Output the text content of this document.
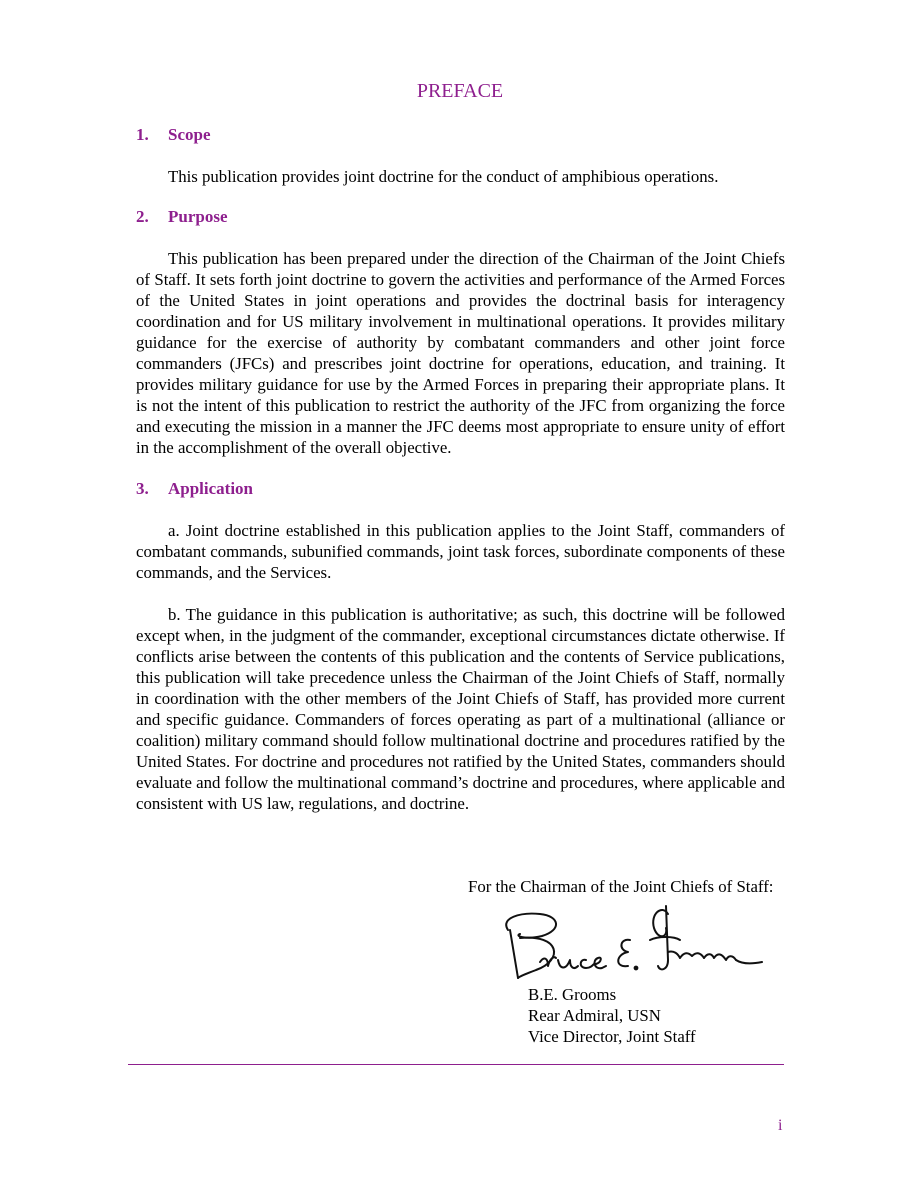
PREFACE
1. Scope

This publication provides joint doctrine for the conduct of amphibious operations.

2. Purpose

This publication has been prepared under the direction of the Chairman of the Joint Chiefs of Staff. It sets forth joint doctrine to govern the activities and performance of the Armed Forces of the United States in joint operations and provides the doctrinal basis for interagency coordination and for US military involvement in multinational operations. It provides military guidance for the exercise of authority by combatant commanders and other joint force commanders (JFCs) and prescribes joint doctrine for operations, education, and training. It provides military guidance for use by the Armed Forces in preparing their appropriate plans. It is not the intent of this publication to restrict the authority of the JFC from organizing the force and executing the mission in a manner the JFC deems most appropriate to ensure unity of effort in the accomplishment of the overall objective.

3. Application

a. Joint doctrine established in this publication applies to the Joint Staff, commanders of combatant commands, subunified commands, joint task forces, subordinate components of these commands, and the Services.

b. The guidance in this publication is authoritative; as such, this doctrine will be followed except when, in the judgment of the commander, exceptional circumstances dictate otherwise. If conflicts arise between the contents of this publication and the contents of Service publications, this publication will take precedence unless the Chairman of the Joint Chiefs of Staff, normally in coordination with the other members of the Joint Chiefs of Staff, has provided more current and specific guidance. Commanders of forces operating as part of a multinational (alliance or coalition) military command should follow multinational doctrine and procedures ratified by the United States. For doctrine and procedures not ratified by the United States, commanders should evaluate and follow the multinational command’s doctrine and procedures, where applicable and consistent with US law, regulations, and doctrine.

For the Chairman of the Joint Chiefs of Staff:
B.E. Grooms
Rear Admiral, USN
Vice Director, Joint Staff
i
